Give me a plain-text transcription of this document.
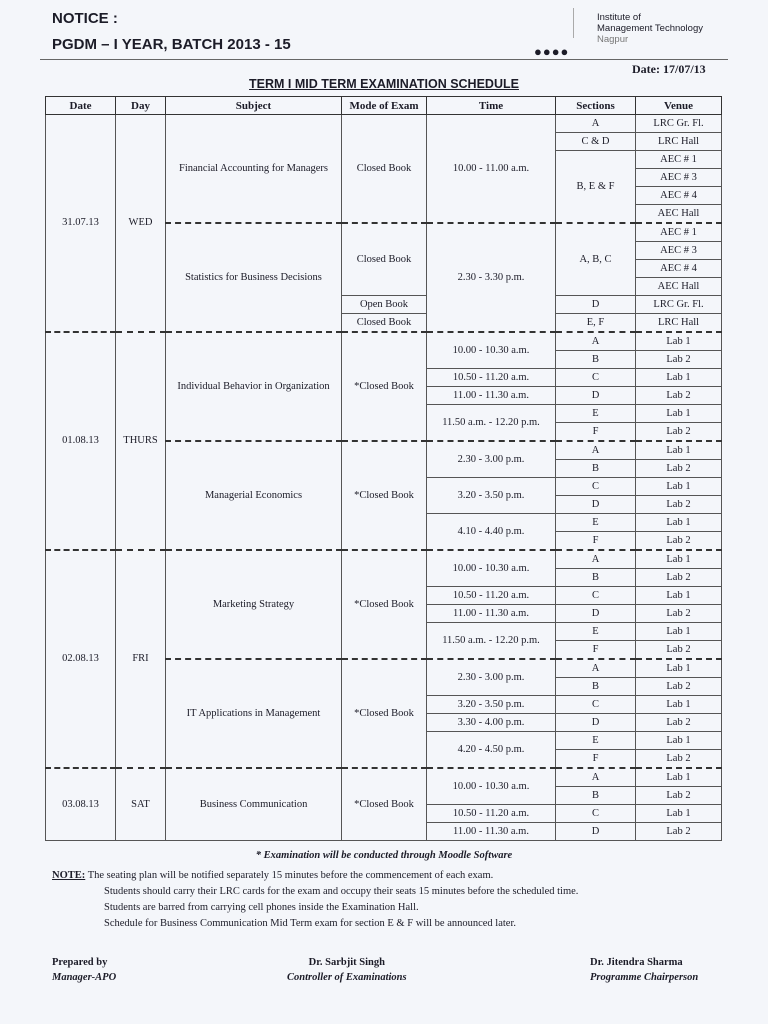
NOTICE :
PGDM – I YEAR, BATCH 2013 - 15
Institute of
Management Technology
Nagpur
●●●●
Date: 17/07/13
TERM I MID TERM EXAMINATION SCHEDULE
Date	Day	Subject	Mode of Exam	Time	Sections	Venue
31.07.13	WED	Financial Accounting for Managers	Closed Book	10.00 - 11.00 a.m.	A	LRC Gr. Fl.
					C & D	LRC Hall
					B, E & F	AEC # 1
						AEC # 3
						AEC # 4
						AEC Hall
		Statistics for Business Decisions	Closed Book	2.30 - 3.30 p.m.	A, B, C	AEC # 1
						AEC # 3
						AEC # 4
						AEC Hall
			Open Book		D	LRC Gr. Fl.
			Closed Book		E, F	LRC Hall
01.08.13	THURS	Individual Behavior in Organization	*Closed Book	10.00 - 10.30 a.m.	A	Lab 1
					B	Lab 2
				10.50 - 11.20 a.m.	C	Lab 1
				11.00 - 11.30 a.m.	D	Lab 2
				11.50 a.m. - 12.20 p.m.	E	Lab 1
					F	Lab 2
		Managerial Economics	*Closed Book	2.30 - 3.00 p.m.	A	Lab 1
					B	Lab 2
				3.20 - 3.50 p.m.	C	Lab 1
					D	Lab 2
				4.10 - 4.40 p.m.	E	Lab 1
					F	Lab 2
02.08.13	FRI	Marketing Strategy	*Closed Book	10.00 - 10.30 a.m.	A	Lab 1
					B	Lab 2
				10.50 - 11.20 a.m.	C	Lab 1
				11.00 - 11.30 a.m.	D	Lab 2
				11.50 a.m. - 12.20 p.m.	E	Lab 1
					F	Lab 2
		IT Applications in Management	*Closed Book	2.30 - 3.00 p.m.	A	Lab 1
					B	Lab 2
				3.20 - 3.50 p.m.	C	Lab 1
				3.30 - 4.00 p.m.	D	Lab 2
				4.20 - 4.50 p.m.	E	Lab 1
					F	Lab 2
03.08.13	SAT	Business Communication	*Closed Book	10.00 - 10.30 a.m.	A	Lab 1
					B	Lab 2
				10.50 - 11.20 a.m.	C	Lab 1
				11.00 - 11.30 a.m.	D	Lab 2
* Examination will be conducted through Moodle Software
NOTE: The seating plan will be notified separately 15 minutes before the commencement of each exam.
Students should carry their LRC cards for the exam and occupy their seats 15 minutes before the scheduled time.
Students are barred from carrying cell phones inside the Examination Hall.
Schedule for Business Communication Mid Term exam for section E & F will be announced later.
Prepared by
Manager-APO
Dr. Sarbjit Singh
Controller of Examinations
Dr. Jitendra Sharma
Programme Chairperson
